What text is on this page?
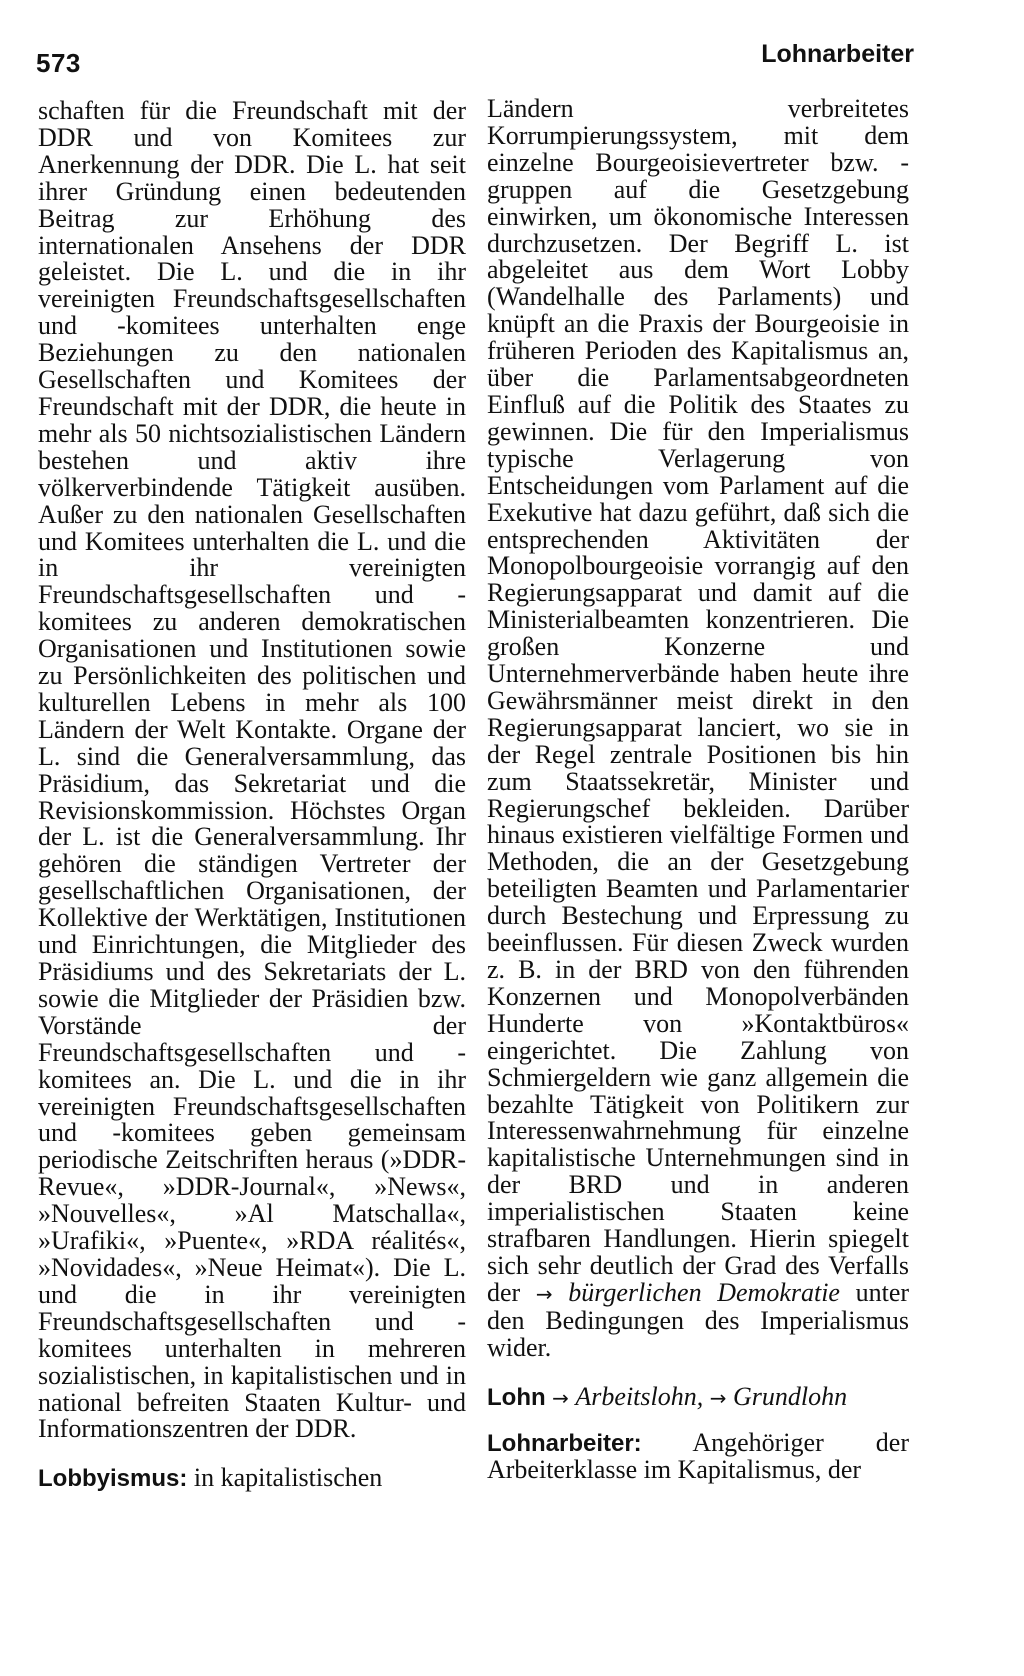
573	Lohnarbeiter

schaften für die Freundschaft mit der DDR und von Komitees zur Anerkennung der DDR. Die L. hat seit ihrer Gründung einen bedeutenden Beitrag zur Erhöhung des internationalen Ansehens der DDR geleistet. Die L. und die in ihr vereinigten Freundschaftsgesellschaften und -komitees unterhalten enge Beziehungen zu den nationalen Gesellschaften und Komitees der Freundschaft mit der DDR, die heute in mehr als 50 nichtsozialistischen Ländern bestehen und aktiv ihre völkerverbindende Tätigkeit ausüben. Außer zu den nationalen Gesellschaften und Komitees unterhalten die L. und die in ihr vereinigten Freundschaftsgesellschaften und -komitees zu anderen demokratischen Organisationen und Institutionen sowie zu Persönlichkeiten des politischen und kulturellen Lebens in mehr als 100 Ländern der Welt Kontakte. Organe der L. sind die Generalversammlung, das Präsidium, das Sekretariat und die Revisionskommission. Höchstes Organ der L. ist die Generalversammlung. Ihr gehören die ständigen Vertreter der gesellschaftlichen Organisationen, der Kollektive der Werktätigen, Institutionen und Einrichtungen, die Mitglieder des Präsidiums und des Sekretariats der L. sowie die Mitglieder der Präsidien bzw. Vorstände der Freundschaftsgesellschaften und -komitees an. Die L. und die in ihr vereinigten Freundschaftsgesellschaften und -komitees geben gemeinsam periodische Zeitschriften heraus (»DDR-Revue«, »DDR-Journal«, »News«, »Nouvelles«, »Al Matschalla«, »Urafiki«, »Puente«, »RDA réalités«, »Novidades«, »Neue Heimat«). Die L. und die in ihr vereinigten Freundschaftsgesellschaften und -komitees unterhalten in mehreren sozialistischen, in kapitalistischen und in national befreiten Staaten Kultur- und Informationszentren der DDR.

Lobbyismus: in kapitalistischen

Ländern verbreitetes Korrumpierungssystem, mit dem einzelne Bourgeoisievertreter bzw. -gruppen auf die Gesetzgebung einwirken, um ökonomische Interessen durchzusetzen. Der Begriff L. ist abgeleitet aus dem Wort Lobby (Wandelhalle des Parlaments) und knüpft an die Praxis der Bourgeoisie in früheren Perioden des Kapitalismus an, über die Parlamentsabgeordneten Einfluß auf die Politik des Staates zu gewinnen. Die für den Imperialismus typische Verlagerung von Entscheidungen vom Parlament auf die Exekutive hat dazu geführt, daß sich die entsprechenden Aktivitäten der Monopolbourgeoisie vorrangig auf den Regierungsapparat und damit auf die Ministerialbeamten konzentrieren. Die großen Konzerne und Unternehmerverbände haben heute ihre Gewährsmänner meist direkt in den Regierungsapparat lanciert, wo sie in der Regel zentrale Positionen bis hin zum Staatssekretär, Minister und Regierungschef bekleiden. Darüber hinaus existieren vielfältige Formen und Methoden, die an der Gesetzgebung beteiligten Beamten und Parlamentarier durch Bestechung und Erpressung zu beeinflussen. Für diesen Zweck wurden z. B. in der BRD von den führenden Konzernen und Monopolverbänden Hunderte von »Kontaktbüros« eingerichtet. Die Zahlung von Schmiergeldern wie ganz allgemein die bezahlte Tätigkeit von Politikern zur Interessenwahrnehmung für einzelne kapitalistische Unternehmungen sind in der BRD und in anderen imperialistischen Staaten keine strafbaren Handlungen. Hierin spiegelt sich sehr deutlich der Grad des Verfalls der → bürgerlichen Demokratie unter den Bedingungen des Imperialismus wider.

Lohn → Arbeitslohn, → Grundlohn

Lohnarbeiter: Angehöriger der Arbeiterklasse im Kapitalismus, der
